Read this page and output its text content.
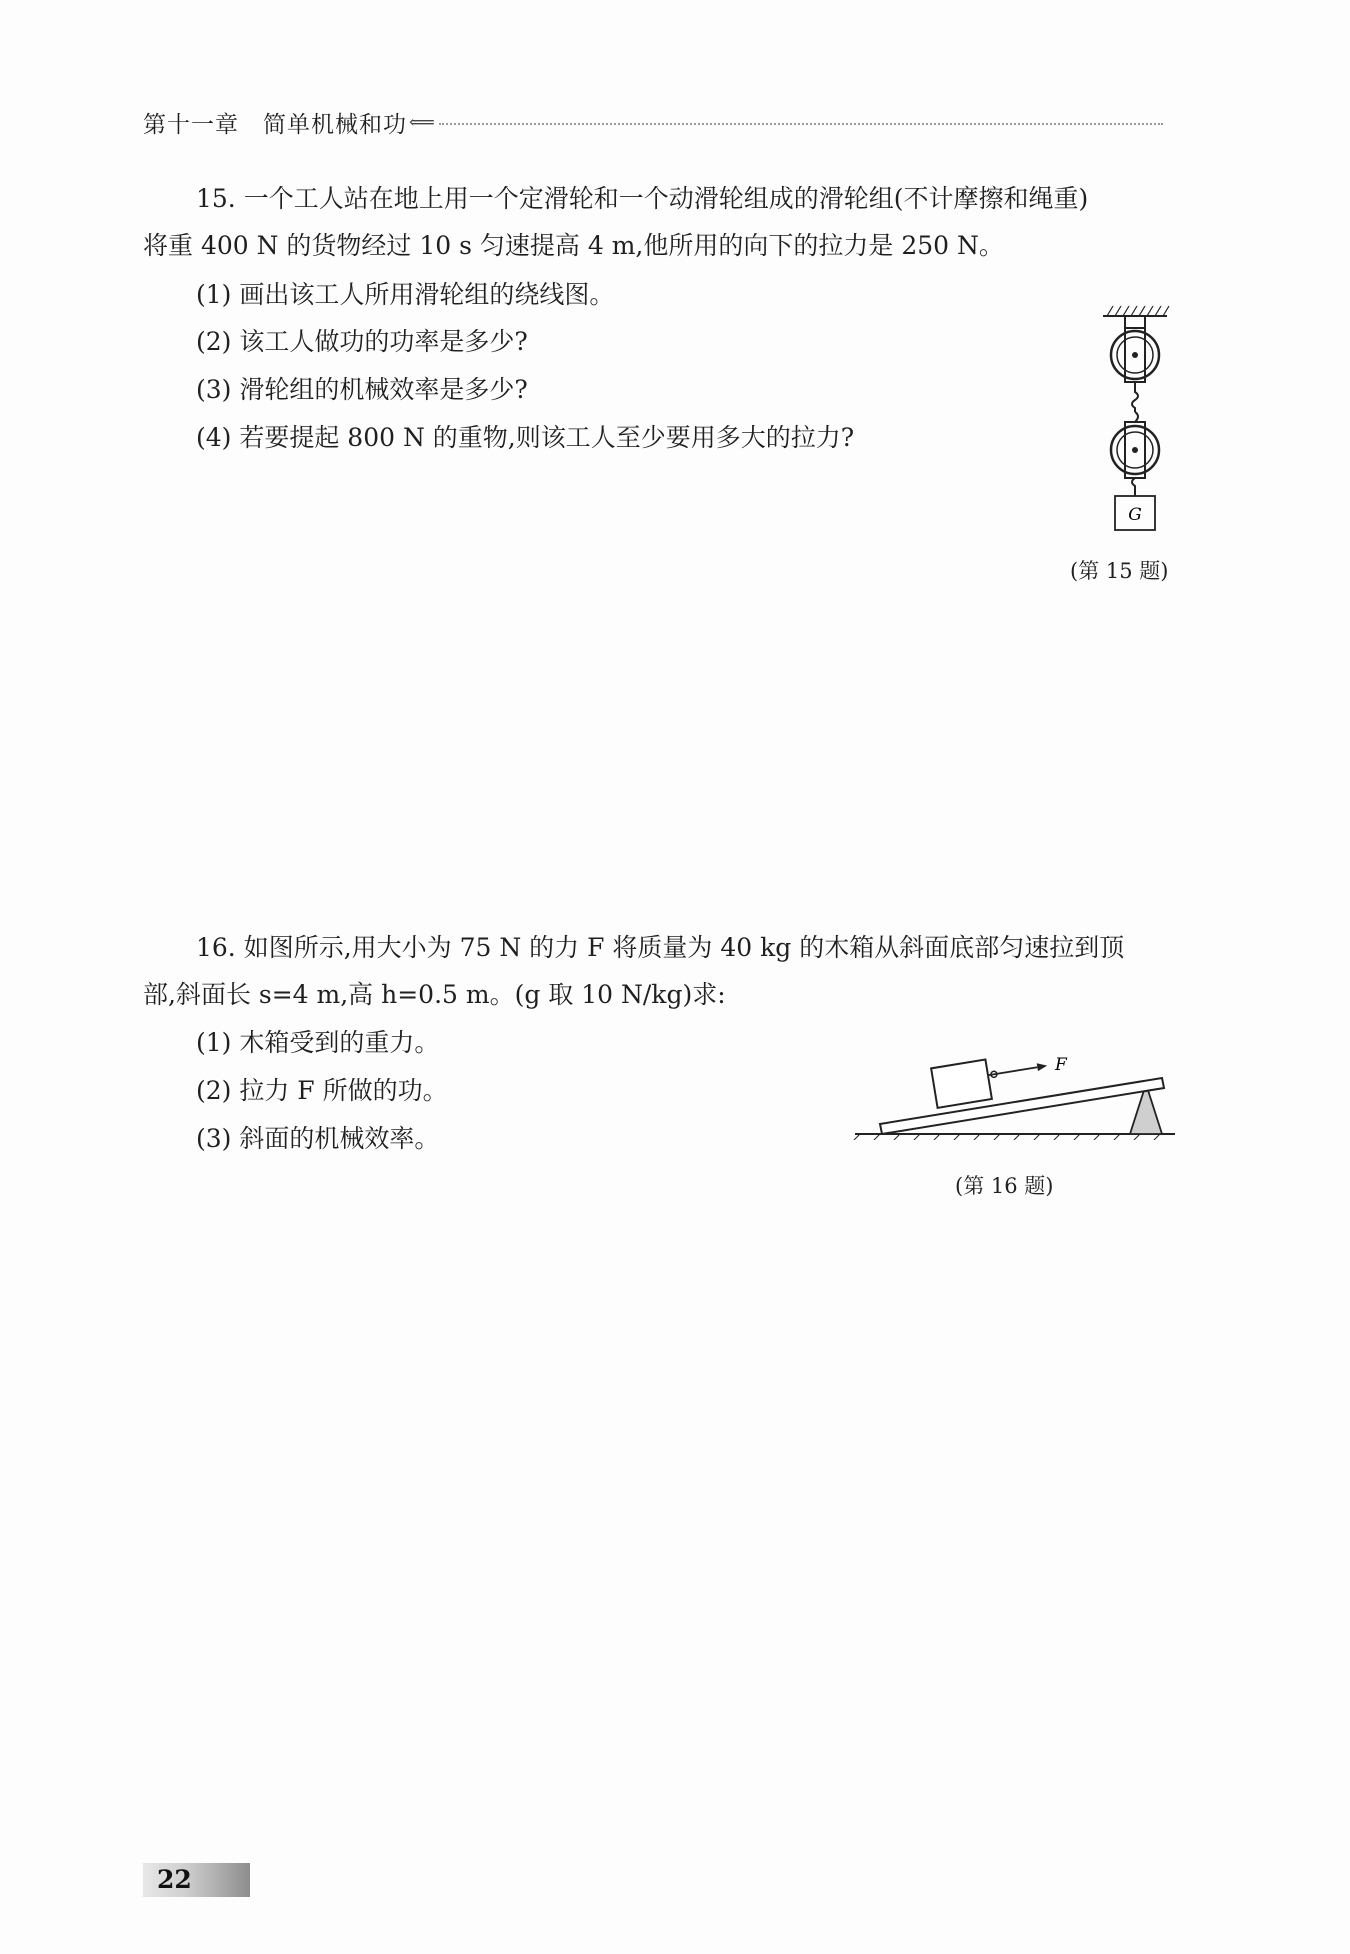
第十一章　简单机械和功 ⟸
15. 一个工人站在地上用一个定滑轮和一个动滑轮组成的滑轮组(不计摩擦和绳重)
将重 400 N 的货物经过 10 s 匀速提高 4 m,他所用的向下的拉力是 250 N。
(1) 画出该工人所用滑轮组的绕线图。
(2) 该工人做功的功率是多少?
(3) 滑轮组的机械效率是多少?
(4) 若要提起 800 N 的重物,则该工人至少要用多大的拉力?
G
(第 15 题)
16. 如图所示,用大小为 75 N 的力 F 将质量为 40 kg 的木箱从斜面底部匀速拉到顶
部,斜面长 s=4 m,高 h=0.5 m。(g 取 10 N/kg)求:
(1) 木箱受到的重力。
(2) 拉力 F 所做的功。
(3) 斜面的机械效率。
F
(第 16 题)
22
